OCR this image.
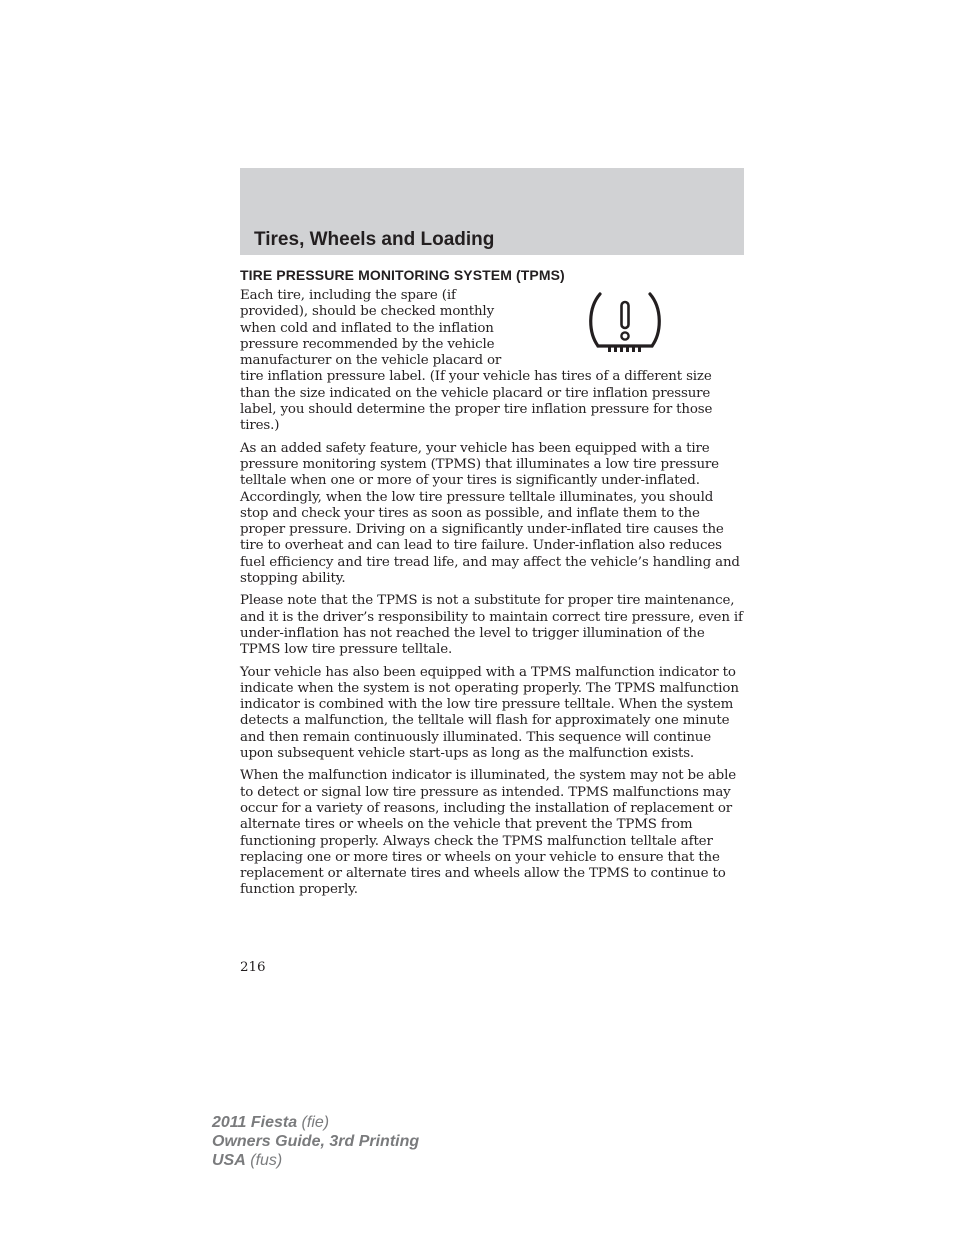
Tires, Wheels and Loading
TIRE PRESSURE MONITORING SYSTEM (TPMS)

Each tire, including the spare (if provided), should be checked monthly when cold and inflated to the inflation pressure recommended by the vehicle manufacturer on the vehicle placard or tire inflation pressure label. (If your vehicle has tires of a different size than the size indicated on the vehicle placard or tire inflation pressure label, you should determine the proper tire inflation pressure for those tires.)

As an added safety feature, your vehicle has been equipped with a tire pressure monitoring system (TPMS) that illuminates a low tire pressure telltale when one or more of your tires is significantly under-inflated. Accordingly, when the low tire pressure telltale illuminates, you should stop and check your tires as soon as possible, and inflate them to the proper pressure. Driving on a significantly under-inflated tire causes the tire to overheat and can lead to tire failure. Under-inflation also reduces fuel efficiency and tire tread life, and may affect the vehicle’s handling and stopping ability.

Please note that the TPMS is not a substitute for proper tire maintenance, and it is the driver’s responsibility to maintain correct tire pressure, even if under-inflation has not reached the level to trigger illumination of the TPMS low tire pressure telltale.

Your vehicle has also been equipped with a TPMS malfunction indicator to indicate when the system is not operating properly. The TPMS malfunction indicator is combined with the low tire pressure telltale. When the system detects a malfunction, the telltale will flash for approximately one minute and then remain continuously illuminated. This sequence will continue upon subsequent vehicle start-ups as long as the malfunction exists.

When the malfunction indicator is illuminated, the system may not be able to detect or signal low tire pressure as intended. TPMS malfunctions may occur for a variety of reasons, including the installation of replacement or alternate tires or wheels on the vehicle that prevent the TPMS from functioning properly. Always check the TPMS malfunction telltale after replacing one or more tires or wheels on your vehicle to ensure that the replacement or alternate tires and wheels allow the TPMS to continue to function properly.

216

2011 Fiesta (fie)
Owners Guide, 3rd Printing
USA (fus)
